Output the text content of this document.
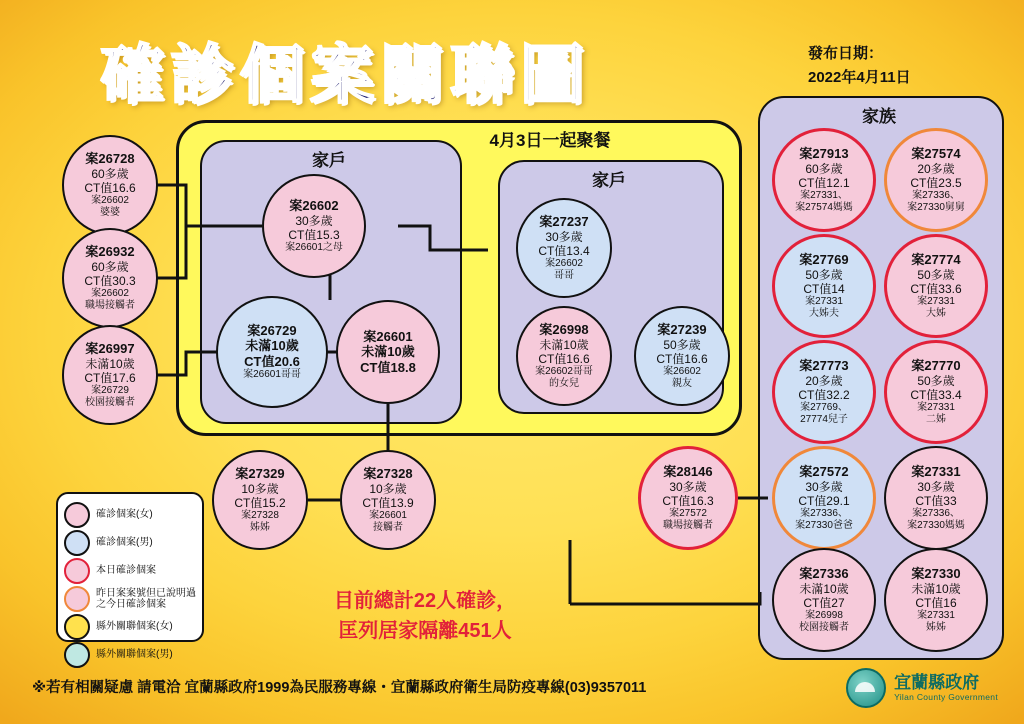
確診個案關聯圖	發布日期：
2022年4月11日
4月3日一起聚餐
家戶
家戶
家族
案26728
60多歲
CT值16.6
案26602
婆婆
案26932
60多歲
CT值30.3
案26602
職場接觸者
案26997
未滿10歲
CT值17.6
案26729
校園接觸者
案26602
30多歲
CT值15.3
案26601之母
案26729
未滿10歲
CT值20.6
案26601哥哥
案26601
未滿10歲
CT值18.8
案27237
30多歲
CT值13.4
案26602
哥哥
案26998
未滿10歲
CT值16.6
案26602哥哥
的女兒
案27239
50多歲
CT值16.6
案26602
親友
案27329
10多歲
CT值15.2
案27328
姊姊
案27328
10多歲
CT值13.9
案26601
接觸者
案28146
30多歲
CT值16.3
案27572
職場接觸者
案27913
60多歲
CT值12.1
案27331、
案27574媽媽
案27574
20多歲
CT值23.5
案27336、
案27330舅舅
案27769
50多歲
CT值14
案27331
大姊夫
案27774
50多歲
CT值33.6
案27331
大姊
案27773
20多歲
CT值32.2
案27769、
27774兒子
案27770
50多歲
CT值33.4
案27331
二姊
案27572
30多歲
CT值29.1
案27336、
案27330爸爸
案27331
30多歲
CT值33
案27336、
案27330媽媽
案27336
未滿10歲
CT值27
案26998
校園接觸者
案27330
未滿10歲
CT值16
案27331
姊姊
確診個案(女)
確診個案(男)
本日確診個案
昨日案案號但已說明過之今日確診個案
縣外關聯個案(女)
縣外關聯個案(男)
目前總計22人確診，
匡列居家隔離451人
※若有相關疑慮 請電洽 宜蘭縣政府1999為民服務專線・宜蘭縣政府衛生局防疫專線(03)9357011	宜蘭縣政府
Yilan County Government
